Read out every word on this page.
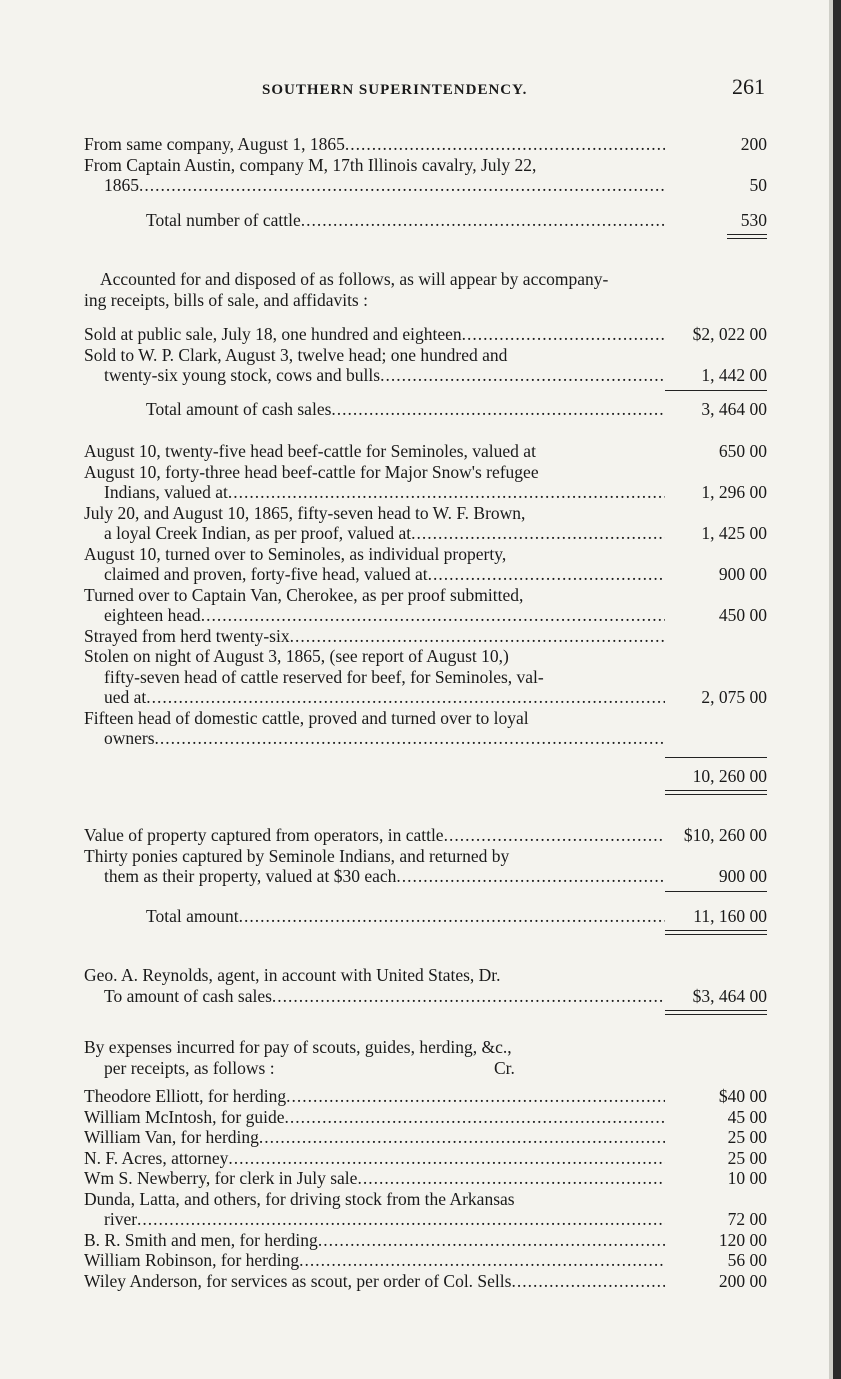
SOUTHERN SUPERINTENDENCY.	261
From same company, August 1, 1865 .....	200
From Captain Austin, company M, 17th Illinois cavalry, July 22,
1865 .....	50
Total number of cattle .....	530
Accounted for and disposed of as follows, as will appear by accompany-
ing receipts, bills of sale, and affidavits :
Sold at public sale, July 18, one hundred and eighteen .....	$2, 022 00
Sold to W. P. Clark, August 3, twelve head; one hundred and
twenty-six young stock, cows and bulls .....	1, 442 00
Total amount of cash sales .....	3, 464 00
August 10, twenty-five head beef-cattle for Seminoles, valued at	650 00
August 10, forty-three head beef-cattle for Major Snow's refugee
Indians, valued at .....	1, 296 00
July 20, and August 10, 1865, fifty-seven head to W. F. Brown,
a loyal Creek Indian, as per proof, valued at .....	1, 425 00
August 10, turned over to Seminoles, as individual property,
claimed and proven, forty-five head, valued at .....	900 00
Turned over to Captain Van, Cherokee, as per proof submitted,
eighteen head .....	450 00
Strayed from herd twenty-six .....
Stolen on night of August 3, 1865, (see report of August 10,)
fifty-seven head of cattle reserved for beef, for Seminoles, val-
ued at .....	2, 075 00
Fifteen head of domestic cattle, proved and turned over to loyal
owners .....
10, 260 00
Value of property captured from operators, in cattle .....	$10, 260 00
Thirty ponies captured by Seminole Indians, and returned by
them as their property, valued at $30 each .....	900 00
Total amount .....	11, 160 00
Geo. A. Reynolds, agent, in account with United States, Dr.
To amount of cash sales .....	$3, 464 00
By expenses incurred for pay of scouts, guides, herding, &c.,
per receipts, as follows :	Cr.
Theodore Elliott, for herding .....	$40 00
William McIntosh, for guide .....	45 00
William Van, for herding .....	25 00
N. F. Acres, attorney .....	25 00
Wm S. Newberry, for clerk in July sale .....	10 00
Dunda, Latta, and others, for driving stock from the Arkansas
river .....	72 00
B. R. Smith and men, for herding .....	120 00
William Robinson, for herding .....	56 00
Wiley Anderson, for services as scout, per order of Col. Sells .....	200 00
